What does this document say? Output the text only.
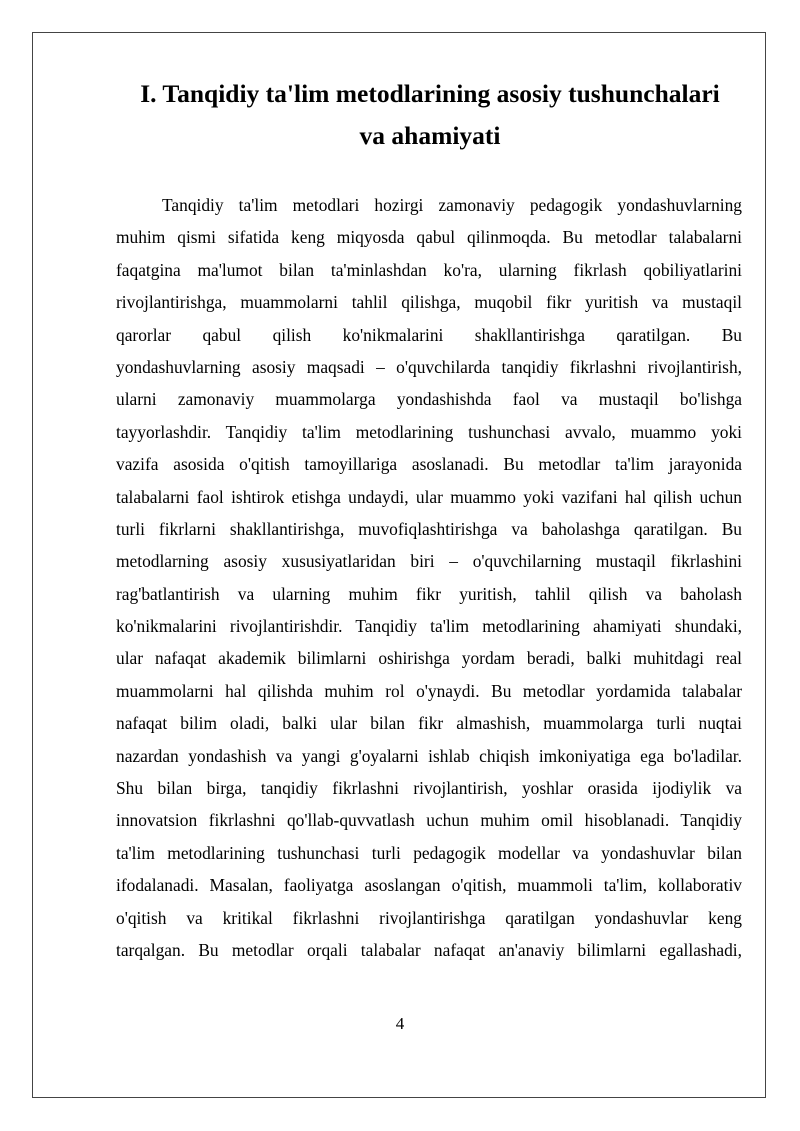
I. Tanqidiy ta'lim metodlarining asosiy tushunchalari
va ahamiyati
Tanqidiy ta'lim metodlari hozirgi zamonaviy pedagogik yondashuvlarning
muhim qismi sifatida keng miqyosda qabul qilinmoqda. Bu metodlar talabalarni
faqatgina ma'lumot bilan ta'minlashdan ko'ra, ularning fikrlash qobiliyatlarini
rivojlantirishga, muammolarni tahlil qilishga, muqobil fikr yuritish va mustaqil
qarorlar qabul qilish ko'nikmalarini shakllantirishga qaratilgan. Bu
yondashuvlarning asosiy maqsadi – o'quvchilarda tanqidiy fikrlashni rivojlantirish,
ularni zamonaviy muammolarga yondashishda faol va mustaqil bo'lishga
tayyorlashdir. Tanqidiy ta'lim metodlarining tushunchasi avvalo, muammo yoki
vazifa asosida o'qitish tamoyillariga asoslanadi. Bu metodlar ta'lim jarayonida
talabalarni faol ishtirok etishga undaydi, ular muammo yoki vazifani hal qilish uchun
turli fikrlarni shakllantirishga, muvofiqlashtirishga va baholashga qaratilgan. Bu
metodlarning asosiy xususiyatlaridan biri – o'quvchilarning mustaqil fikrlashini
rag'batlantirish va ularning muhim fikr yuritish, tahlil qilish va baholash
ko'nikmalarini rivojlantirishdir. Tanqidiy ta'lim metodlarining ahamiyati shundaki,
ular nafaqat akademik bilimlarni oshirishga yordam beradi, balki muhitdagi real
muammolarni hal qilishda muhim rol o'ynaydi. Bu metodlar yordamida talabalar
nafaqat bilim oladi, balki ular bilan fikr almashish, muammolarga turli nuqtai
nazardan yondashish va yangi g'oyalarni ishlab chiqish imkoniyatiga ega bo'ladilar.
Shu bilan birga, tanqidiy fikrlashni rivojlantirish, yoshlar orasida ijodiylik va
innovatsion fikrlashni qo'llab-quvvatlash uchun muhim omil hisoblanadi. Tanqidiy
ta'lim metodlarining tushunchasi turli pedagogik modellar va yondashuvlar bilan
ifodalanadi. Masalan, faoliyatga asoslangan o'qitish, muammoli ta'lim, kollaborativ
o'qitish va kritikal fikrlashni rivojlantirishga qaratilgan yondashuvlar keng
tarqalgan. Bu metodlar orqali talabalar nafaqat an'anaviy bilimlarni egallashadi,
4
